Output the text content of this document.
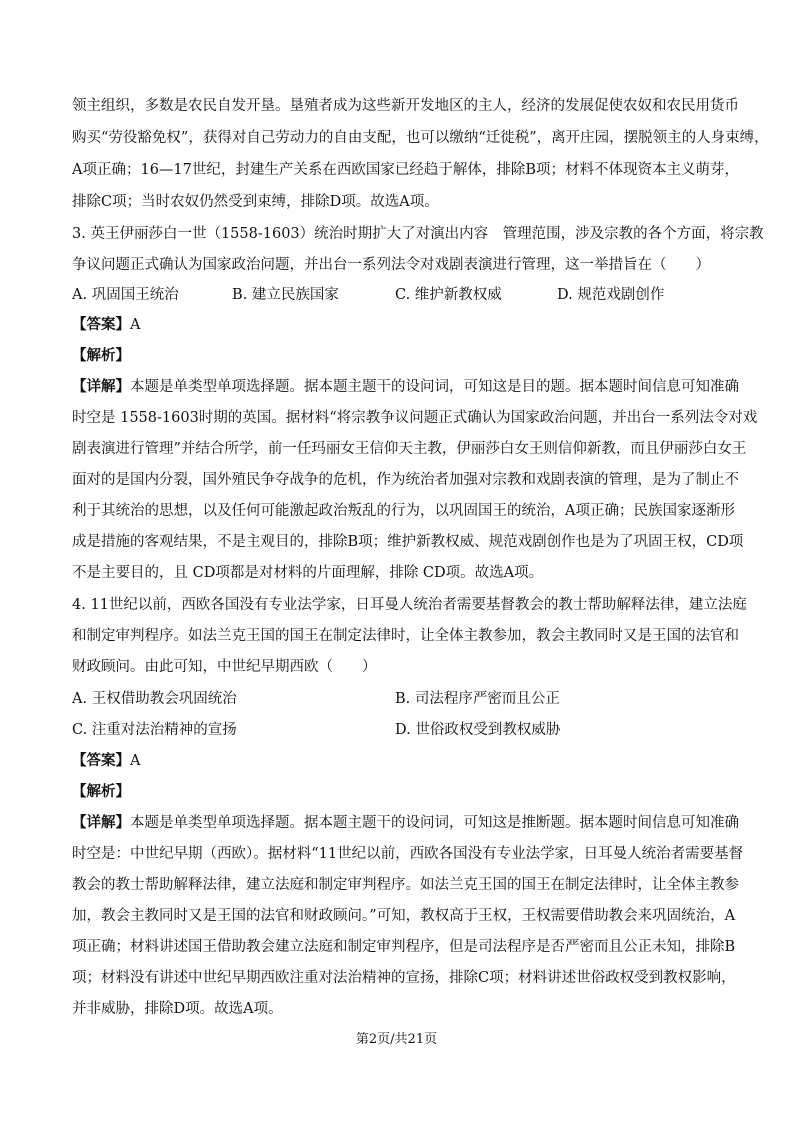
领主组织，多数是农民自发开垦。垦殖者成为这些新开发地区的主人，经济的发展促使农奴和农民用货币
购买“劳役豁免权”，获得对自己劳动力的自由支配，也可以缴纳“迁徙税”，离开庄园，摆脱领主的人身束缚，
A项正确；16—17世纪，封建生产关系在西欧国家已经趋于解体，排除B项；材料不体现资本主义萌芽，
排除C项；当时农奴仍然受到束缚，排除D项。故选A项。
3. 英王伊丽莎白一世（1558-1603）统治时期扩大了对演出内容　管理范围，涉及宗教的各个方面，将宗教
争议问题正式确认为国家政治问题，并出台一系列法令对戏剧表演进行管理，这一举措旨在（　　）
A. 巩固国王统治	B. 建立民族国家	C. 维护新教权威	D. 规范戏剧创作
【答案】A
【解析】
【详解】本题是单类型单项选择题。据本题主题干的设问词，可知这是目的题。据本题时间信息可知准确
时空是 1558-1603时期的英国。据材料“将宗教争议问题正式确认为国家政治问题，并出台一系列法令对戏
剧表演进行管理”并结合所学，前一任玛丽女王信仰天主教，伊丽莎白女王则信仰新教，而且伊丽莎白女王
面对的是国内分裂，国外殖民争夺战争的危机，作为统治者加强对宗教和戏剧表演的管理，是为了制止不
利于其统治的思想，以及任何可能激起政治叛乱的行为，以巩固国王的统治，A项正确；民族国家逐渐形
成是措施的客观结果，不是主观目的，排除B项；维护新教权威、规范戏剧创作也是为了巩固王权，CD项
不是主要目的，且 CD项都是对材料的片面理解，排除 CD项。故选A项。
4. 11世纪以前，西欧各国没有专业法学家，日耳曼人统治者需要基督教会的教士帮助解释法律，建立法庭
和制定审判程序。如法兰克王国的国王在制定法律时，让全体主教参加，教会主教同时又是王国的法官和
财政顾问。由此可知，中世纪早期西欧（　　）
A. 王权借助教会巩固统治	B. 司法程序严密而且公正
C. 注重对法治精神的宣扬	D. 世俗政权受到教权威胁
【答案】A
【解析】
【详解】本题是单类型单项选择题。据本题主题干的设问词，可知这是推断题。据本题时间信息可知准确
时空是：中世纪早期（西欧）。据材料“11世纪以前，西欧各国没有专业法学家，日耳曼人统治者需要基督
教会的教士帮助解释法律，建立法庭和制定审判程序。如法兰克王国的国王在制定法律时，让全体主教参
加，教会主教同时又是王国的法官和财政顾问。”可知，教权高于王权，王权需要借助教会来巩固统治，A
项正确；材料讲述国王借助教会建立法庭和制定审判程序，但是司法程序是否严密而且公正未知，排除B
项；材料没有讲述中世纪早期西欧注重对法治精神的宣扬，排除C项；材料讲述世俗政权受到教权影响，
并非威胁，排除D项。故选A项。
第2页/共21页
